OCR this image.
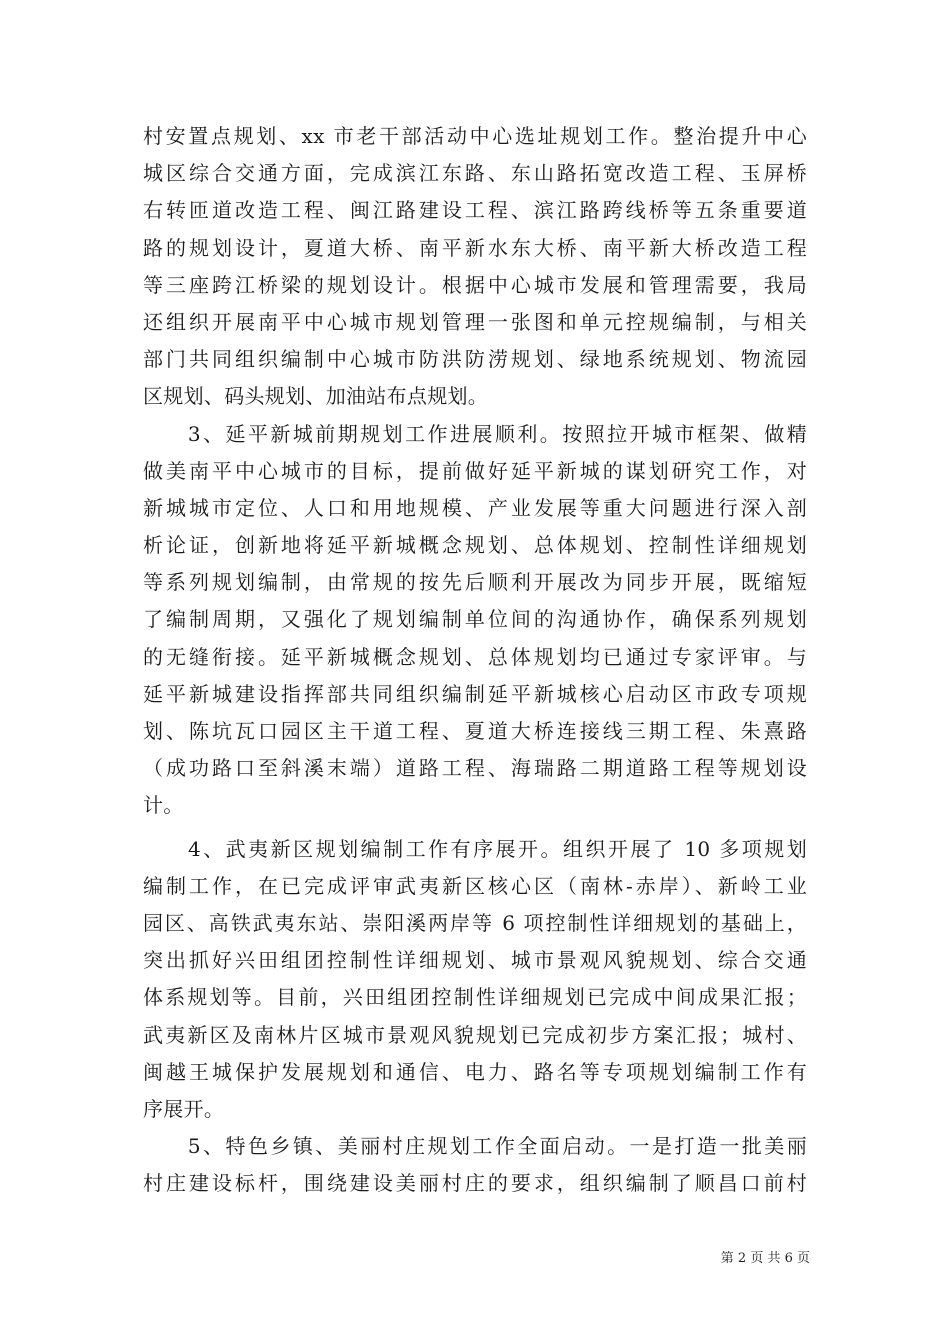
村安置点规划、xx 市老干部活动中心选址规划工作。整治提升中心
城区综合交通方面，完成滨江东路、东山路拓宽改造工程、玉屏桥
右转匝道改造工程、闽江路建设工程、滨江路跨线桥等五条重要道
路的规划设计，夏道大桥、南平新水东大桥、南平新大桥改造工程
等三座跨江桥梁的规划设计。根据中心城市发展和管理需要，我局
还组织开展南平中心城市规划管理一张图和单元控规编制，与相关
部门共同组织编制中心城市防洪防涝规划、绿地系统规划、物流园
区规划、码头规划、加油站布点规划。
　　3、延平新城前期规划工作进展顺利。按照拉开城市框架、做精
做美南平中心城市的目标，提前做好延平新城的谋划研究工作，对
新城城市定位、人口和用地规模、产业发展等重大问题进行深入剖
析论证，创新地将延平新城概念规划、总体规划、控制性详细规划
等系列规划编制，由常规的按先后顺利开展改为同步开展，既缩短
了编制周期，又强化了规划编制单位间的沟通协作，确保系列规划
的无缝衔接。延平新城概念规划、总体规划均已通过专家评审。与
延平新城建设指挥部共同组织编制延平新城核心启动区市政专项规
划、陈坑瓦口园区主干道工程、夏道大桥连接线三期工程、朱熹路
（成功路口至斜溪末端）道路工程、海瑞路二期道路工程等规划设
计。
　　4、武夷新区规划编制工作有序展开。组织开展了 10 多项规划
编制工作，在已完成评审武夷新区核心区（南林-赤岸）、新岭工业
园区、高铁武夷东站、崇阳溪两岸等 6 项控制性详细规划的基础上，
突出抓好兴田组团控制性详细规划、城市景观风貌规划、综合交通
体系规划等。目前，兴田组团控制性详细规划已完成中间成果汇报；
武夷新区及南林片区城市景观风貌规划已完成初步方案汇报；城村、
闽越王城保护发展规划和通信、电力、路名等专项规划编制工作有
序展开。
　　5、特色乡镇、美丽村庄规划工作全面启动。一是打造一批美丽
村庄建设标杆，围绕建设美丽村庄的要求，组织编制了顺昌口前村
第 2 页 共 6 页
